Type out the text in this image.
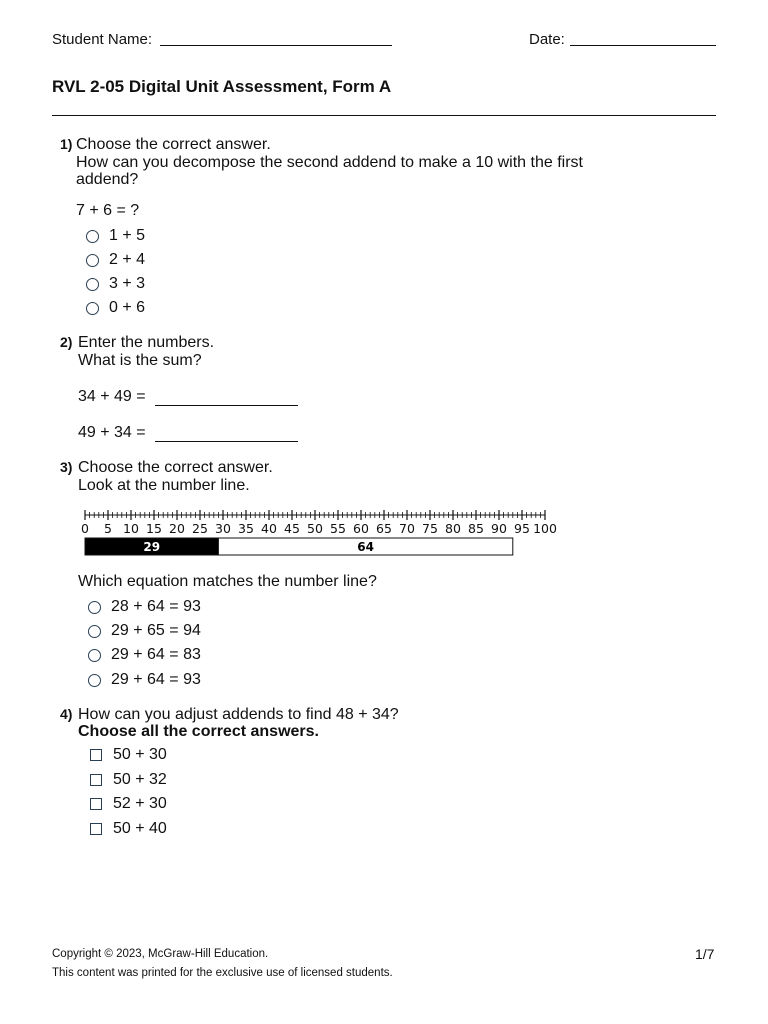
Student Name:	Date:
RVL 2-05 Digital Unit Assessment, Form A
1) Choose the correct answer.
How can you decompose the second addend to make a 10 with the first
addend?
7 + 6 = ?
1 + 5
2 + 4
3 + 3
0 + 6
2) Enter the numbers.
What is the sum?
34 + 49 =
49 + 34 =
3) Choose the correct answer.
Look at the number line.
0 5 10 15 20 25 30 35 40 45 50 55 60 65 70 75 80 85 90 95 100
29	64
Which equation matches the number line?
28 + 64 = 93
29 + 65 = 94
29 + 64 = 83
29 + 64 = 93
4) How can you adjust addends to find 48 + 34?
Choose all the correct answers.
50 + 30
50 + 32
52 + 30
50 + 40
Copyright © 2023, McGraw-Hill Education.
This content was printed for the exclusive use of licensed students.
1/7
